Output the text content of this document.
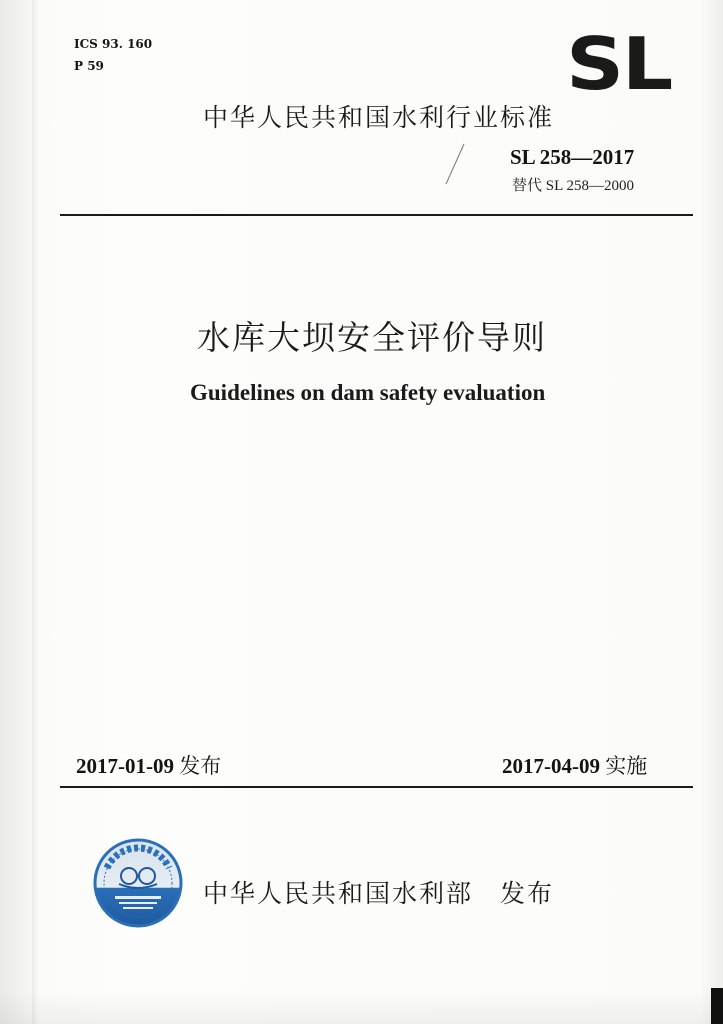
ICS 93. 160
P 59	SL
中华人民共和国水利行业标准
SL 258—2017
替代 SL 258—2000
水库大坝安全评价导则
Guidelines on dam safety evaluation
2017-01-09 发布	2017-04-09 实施
中华人民共和国水利部 发布
